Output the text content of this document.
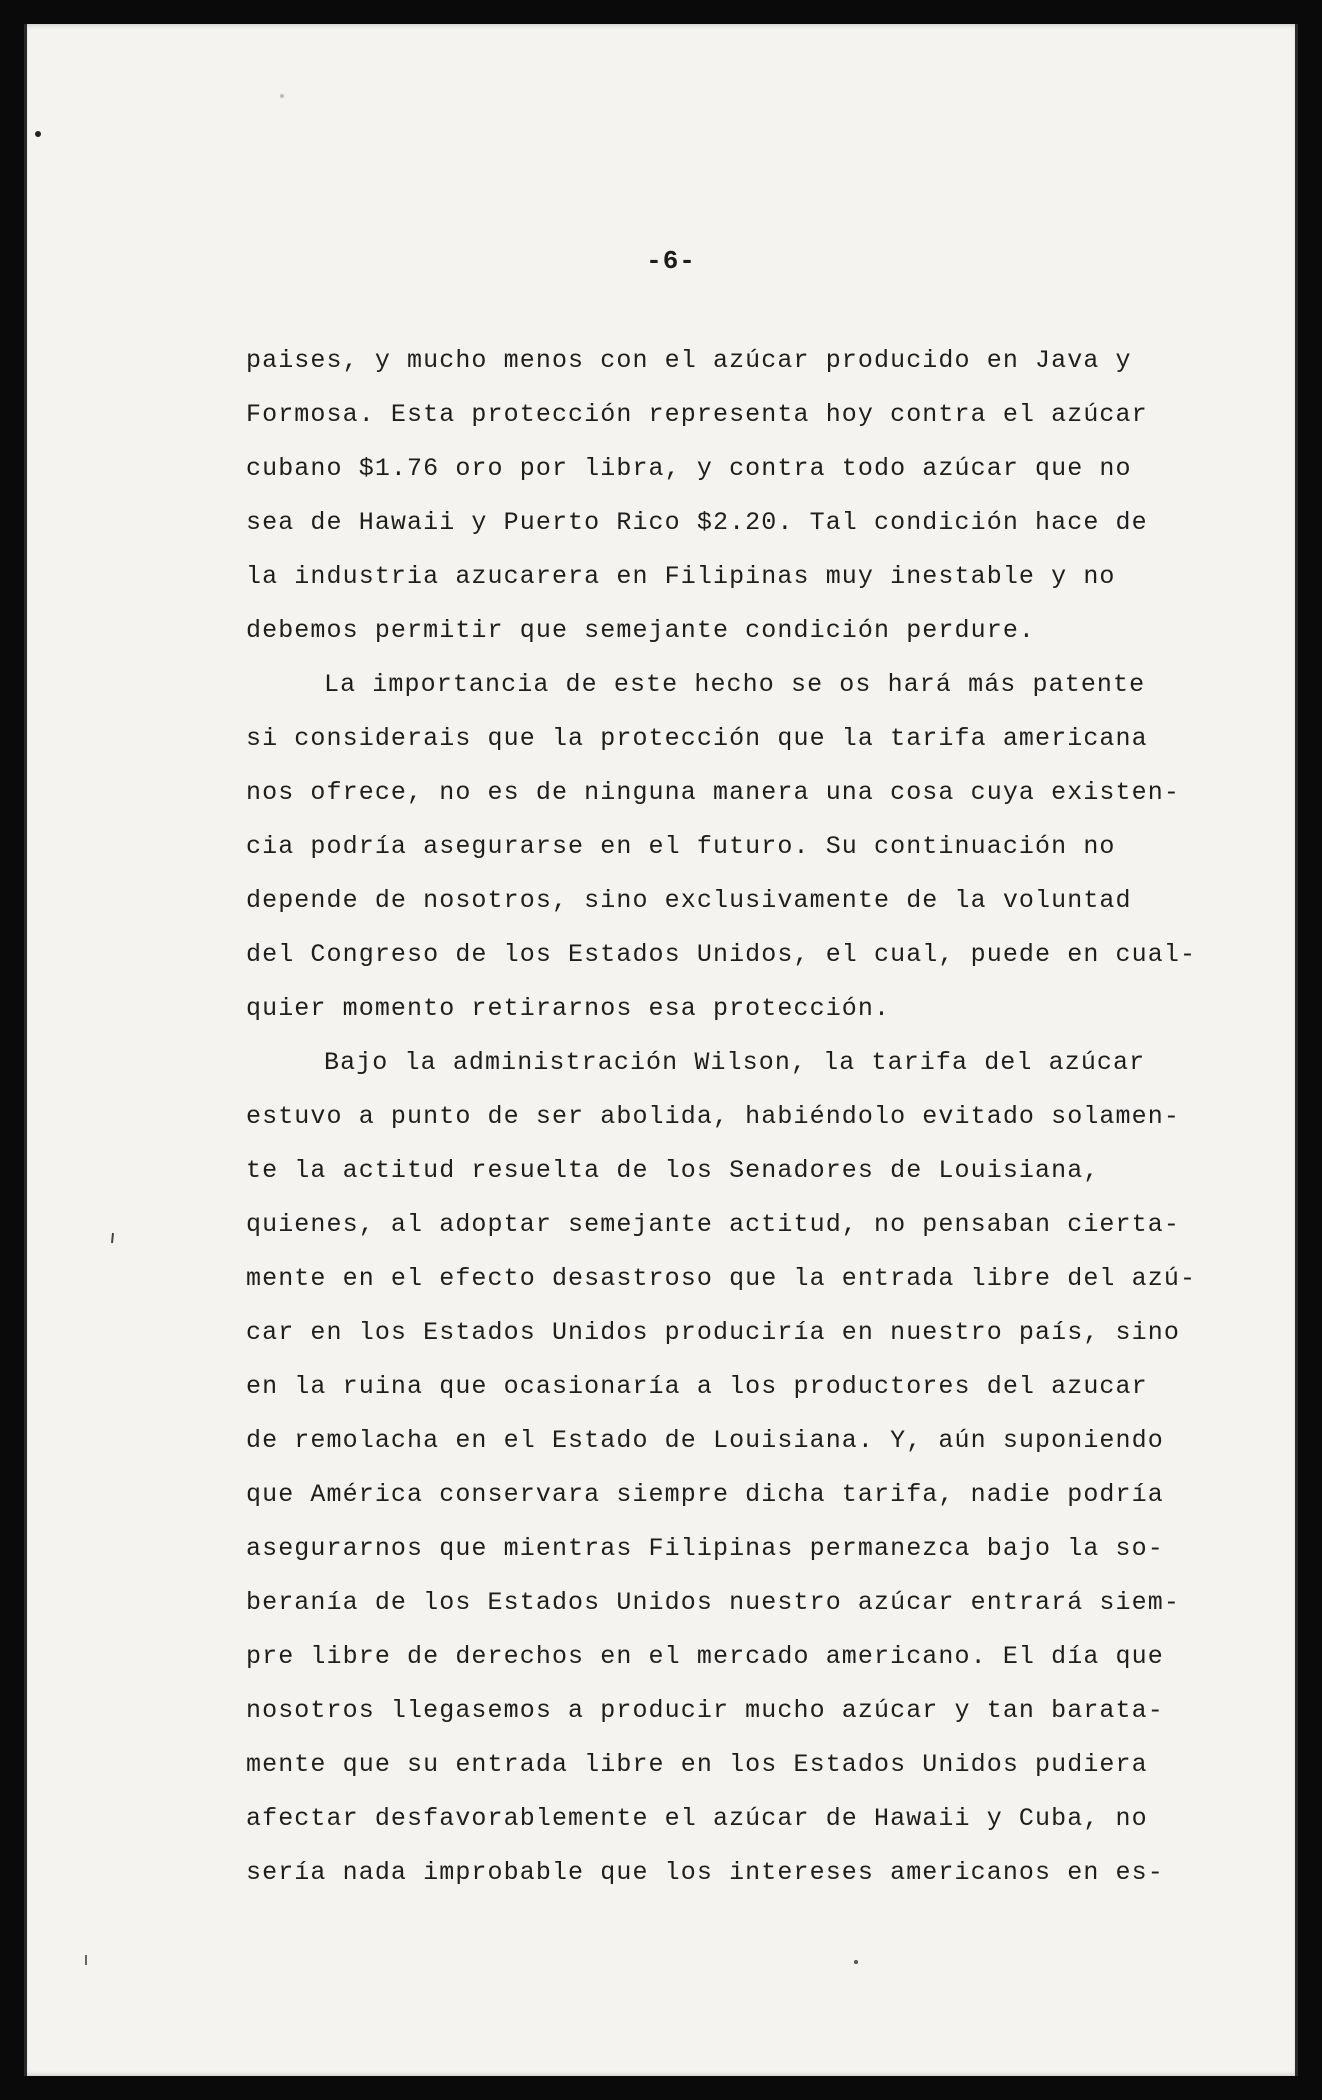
-6-
paises, y mucho menos con el azúcar producido en Java y
Formosa. Esta protección representa hoy contra el azúcar
cubano $1.76 oro por libra, y contra todo azúcar que no
sea de Hawaii y Puerto Rico $2.20. Tal condición hace de
la industria azucarera en Filipinas muy inestable y no
debemos permitir que semejante condición perdure.
La importancia de este hecho se os hará más patente
si considerais que la protección que la tarifa americana
nos ofrece, no es de ninguna manera una cosa cuya existen-
cia podría asegurarse en el futuro. Su continuación no
depende de nosotros, sino exclusivamente de la voluntad
del Congreso de los Estados Unidos, el cual, puede en cual-
quier momento retirarnos esa protección.
Bajo la administración Wilson, la tarifa del azúcar
estuvo a punto de ser abolida, habiéndolo evitado solamen-
te la actitud resuelta de los Senadores de Louisiana,
quienes, al adoptar semejante actitud, no pensaban cierta-
mente en el efecto desastroso que la entrada libre del azú-
car en los Estados Unidos produciría en nuestro país, sino
en la ruina que ocasionaría a los productores del azucar
de remolacha en el Estado de Louisiana. Y, aún suponiendo
que América conservara siempre dicha tarifa, nadie podría
asegurarnos que mientras Filipinas permanezca bajo la so-
beranía de los Estados Unidos nuestro azúcar entrará siem-
pre libre de derechos en el mercado americano. El día que
nosotros llegasemos a producir mucho azúcar y tan barata-
mente que su entrada libre en los Estados Unidos pudiera
afectar desfavorablemente el azúcar de Hawaii y Cuba, no
sería nada improbable que los intereses americanos en es-
